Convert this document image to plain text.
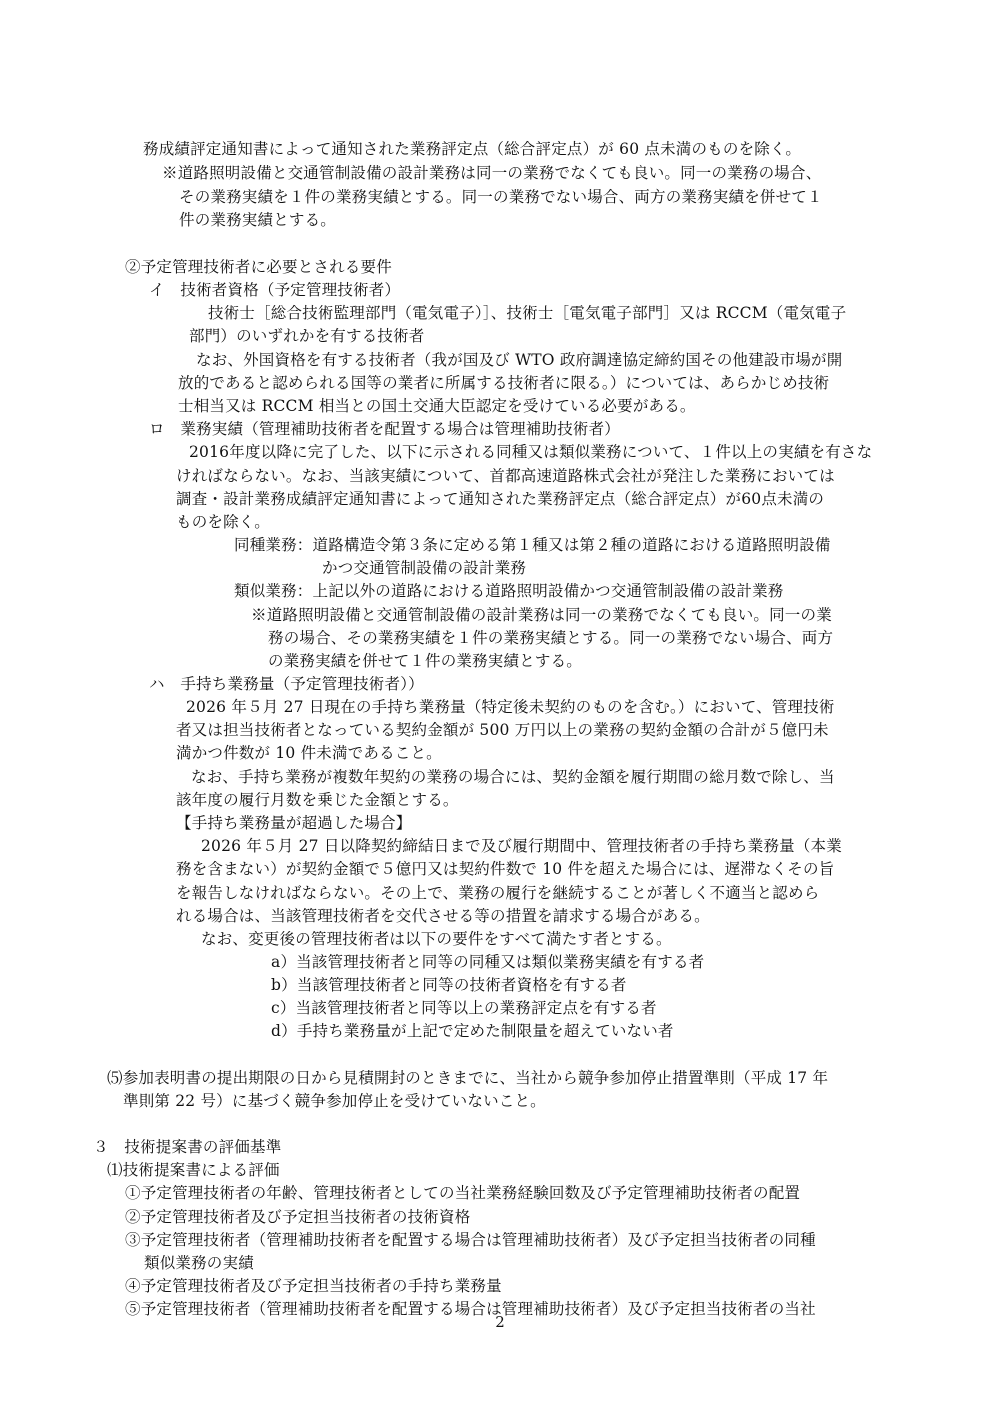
務成績評定通知書によって通知された業務評定点（総合評定点）が 60 点未満のものを除く。
※道路照明設備と交通管制設備の設計業務は同一の業務でなくても良い。同一の業務の場合、
その業務実績を１件の業務実績とする。同一の業務でない場合、両方の業務実績を併せて１
件の業務実績とする。
②予定管理技術者に必要とされる要件
イ　技術者資格（予定管理技術者）
技術士［総合技術監理部門（電気電子）］、技術士［電気電子部門］又は RCCM（電気電子
部門）のいずれかを有する技術者
なお、外国資格を有する技術者（我が国及び WTO 政府調達協定締約国その他建設市場が開
放的であると認められる国等の業者に所属する技術者に限る。）については、あらかじめ技術
士相当又は RCCM 相当との国土交通大臣認定を受けている必要がある。
ロ　業務実績（管理補助技術者を配置する場合は管理補助技術者）
2016年度以降に完了した、以下に示される同種又は類似業務について、１件以上の実績を有さな
ければならない。なお、当該実績について、首都高速道路株式会社が発注した業務においては
調査・設計業務成績評定通知書によって通知された業務評定点（総合評定点）が60点未満の
ものを除く。
同種業務：道路構造令第３条に定める第１種又は第２種の道路における道路照明設備
かつ交通管制設備の設計業務
類似業務：上記以外の道路における道路照明設備かつ交通管制設備の設計業務
※道路照明設備と交通管制設備の設計業務は同一の業務でなくても良い。同一の業
務の場合、その業務実績を１件の業務実績とする。同一の業務でない場合、両方
の業務実績を併せて１件の業務実績とする。
ハ　手持ち業務量（予定管理技術者））
2026 年５月 27 日現在の手持ち業務量（特定後未契約のものを含む。）において、管理技術
者又は担当技術者となっている契約金額が 500 万円以上の業務の契約金額の合計が５億円未
満かつ件数が 10 件未満であること。
なお、手持ち業務が複数年契約の業務の場合には、契約金額を履行期間の総月数で除し、当
該年度の履行月数を乗じた金額とする。
【手持ち業務量が超過した場合】
2026 年５月 27 日以降契約締結日まで及び履行期間中、管理技術者の手持ち業務量（本業
務を含まない）が契約金額で５億円又は契約件数で 10 件を超えた場合には、遅滞なくその旨
を報告しなければならない。その上で、業務の履行を継続することが著しく不適当と認めら
れる場合は、当該管理技術者を交代させる等の措置を請求する場合がある。
なお、変更後の管理技術者は以下の要件をすべて満たす者とする。
a）当該管理技術者と同等の同種又は類似業務実績を有する者
b）当該管理技術者と同等の技術者資格を有する者
c）当該管理技術者と同等以上の業務評定点を有する者
d）手持ち業務量が上記で定めた制限量を超えていない者
⑸参加表明書の提出期限の日から見積開封のときまでに、当社から競争参加停止措置準則（平成 17 年
準則第 22 号）に基づく競争参加停止を受けていないこと。
３　技術提案書の評価基準
⑴技術提案書による評価
①予定管理技術者の年齢、管理技術者としての当社業務経験回数及び予定管理補助技術者の配置
②予定管理技術者及び予定担当技術者の技術資格
③予定管理技術者（管理補助技術者を配置する場合は管理補助技術者）及び予定担当技術者の同種
類似業務の実績
④予定管理技術者及び予定担当技術者の手持ち業務量
⑤予定管理技術者（管理補助技術者を配置する場合は管理補助技術者）及び予定担当技術者の当社
2
